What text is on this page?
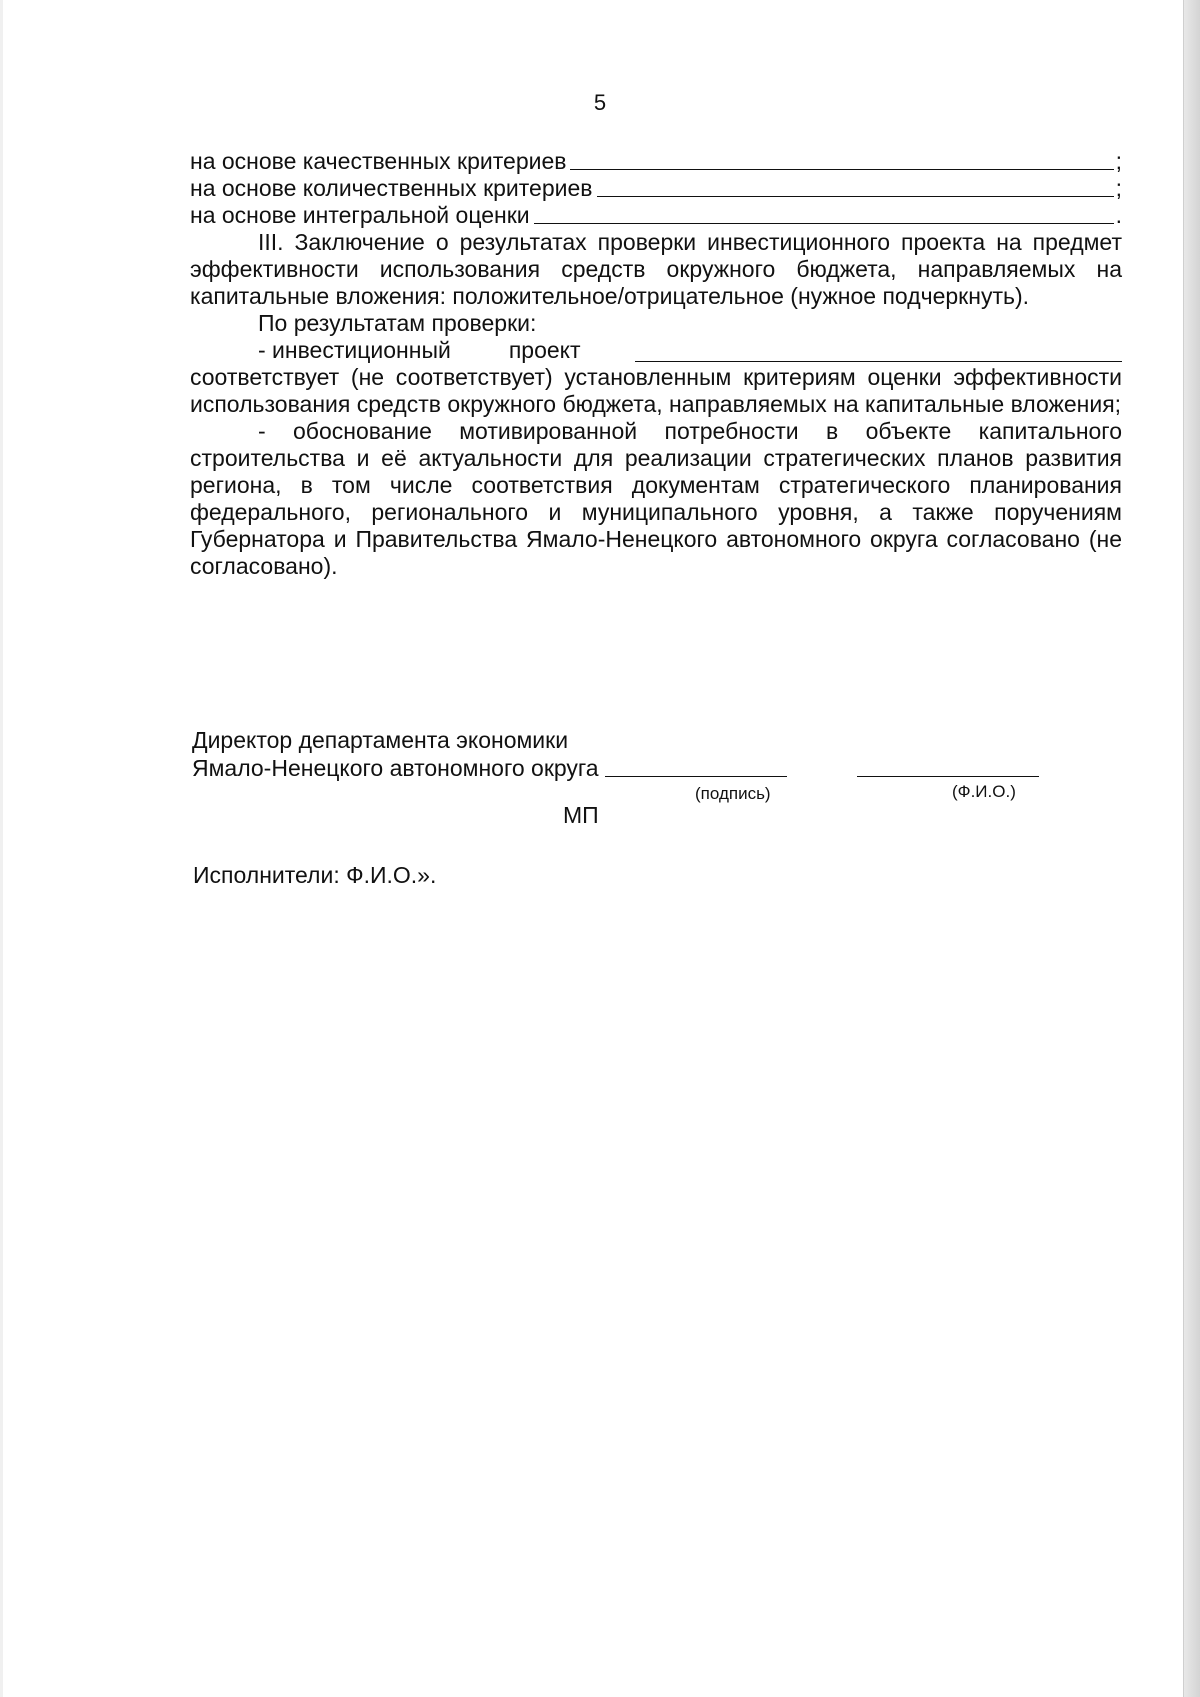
5
на основе качественных критериев	;
на основе количественных критериев	;
на основе интегральной оценки	.
III. Заключение о результатах проверки инвестиционного проекта на предмет эффективности использования средств окружного бюджета, направляемых на капитальные вложения: положительное/отрицательное (нужное подчеркнуть).
По результатам проверки:
- инвестиционный	проект
соответствует (не соответствует) установленным критериям оценки эффективности использования средств окружного бюджета, направляемых на капитальные вложения;
- обоснование мотивированной потребности в объекте капитального строительства и её актуальности для реализации стратегических планов развития региона, в том числе соответствия документам стратегического планирования федерального, регионального и муниципального уровня, а также поручениям Губернатора и Правительства Ямало-Ненецкого автономного округа согласовано (не согласовано).
Директор департамента экономики
Ямало-Ненецкого автономного округа
(подпись)	(Ф.И.О.)
МП
Исполнители: Ф.И.О.».
